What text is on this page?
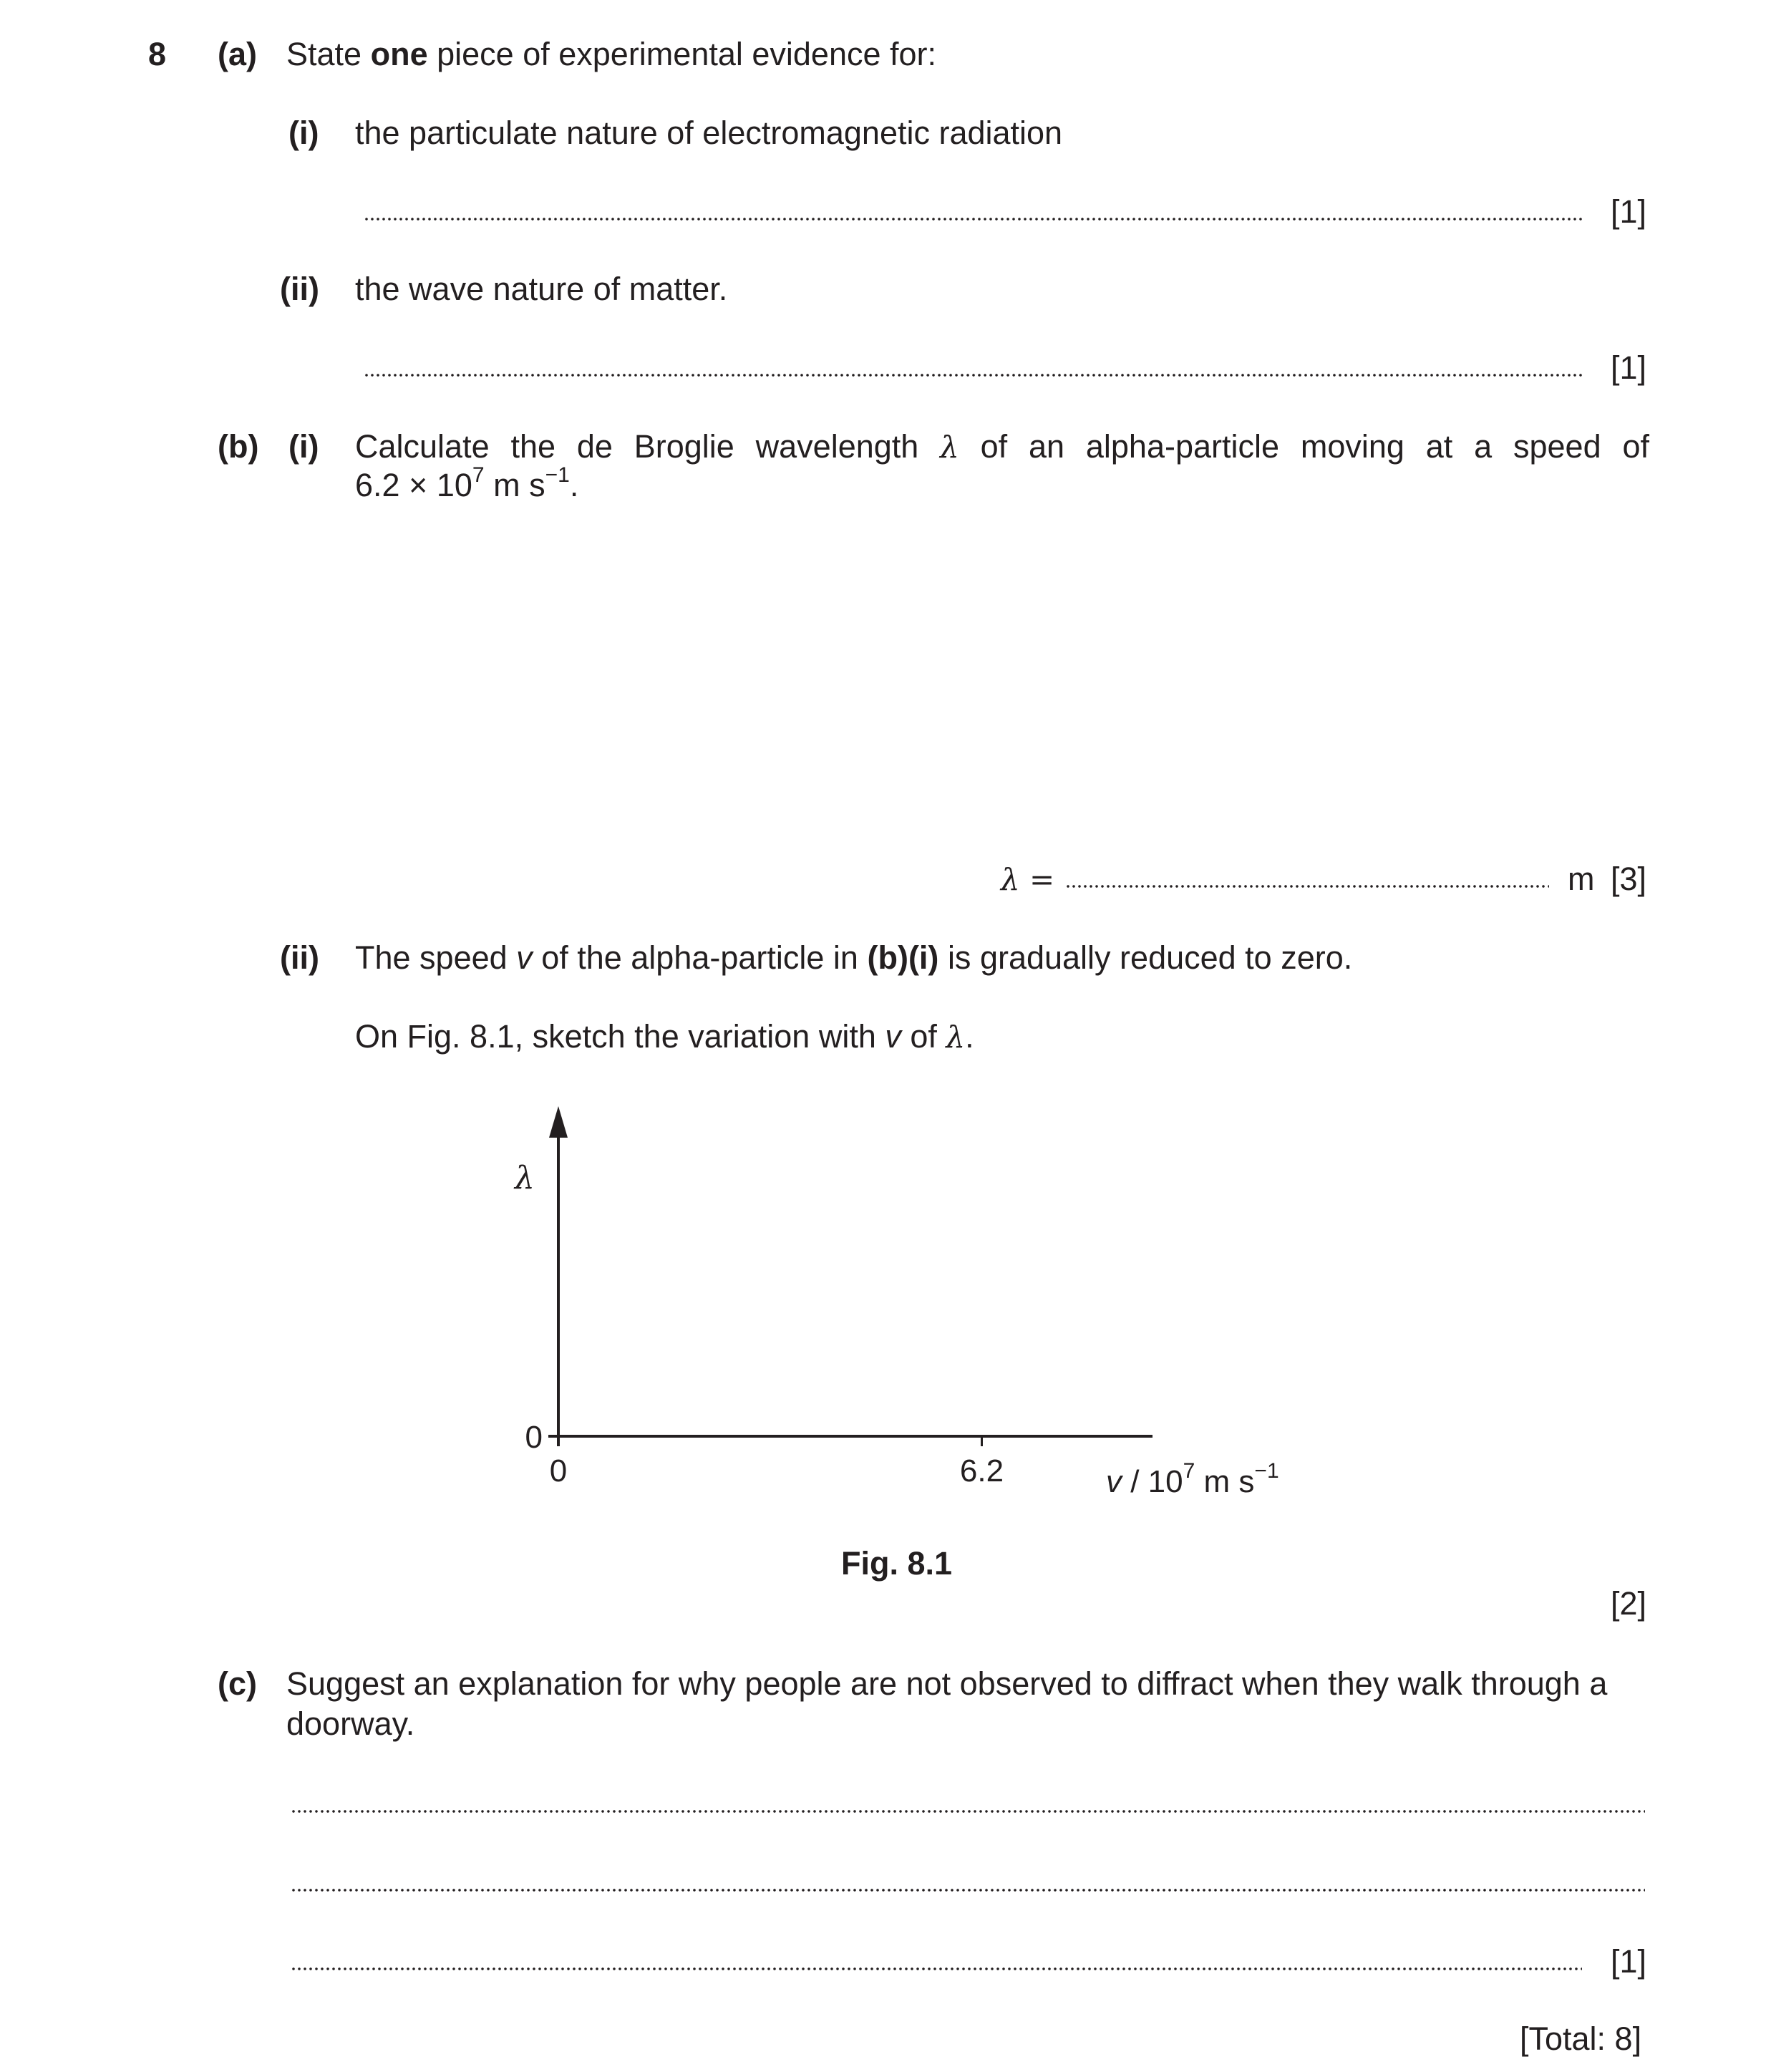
8 (a) State one piece of experimental evidence for:
(i) the particulate nature of electromagnetic radiation
[1]
(ii) the wave nature of matter.
[1]
(b) (i) Calculate the de Broglie wavelength λ of an alpha-particle moving at a speed of
$6.2 \times 10^7$ m $s^{-1}$.
λ =	m [3]
(ii) The speed v of the alpha-particle in (b)(i) is gradually reduced to zero.
On Fig. 8.1, sketch the variation with v of λ.
0	6.2
0
λ
v / $10^7$ m $s^{-1}$
Fig. 8.1
[2]
(c) Suggest an explanation for why people are not observed to diffract when they walk through a
doorway.
[1]
[Total: 8]
